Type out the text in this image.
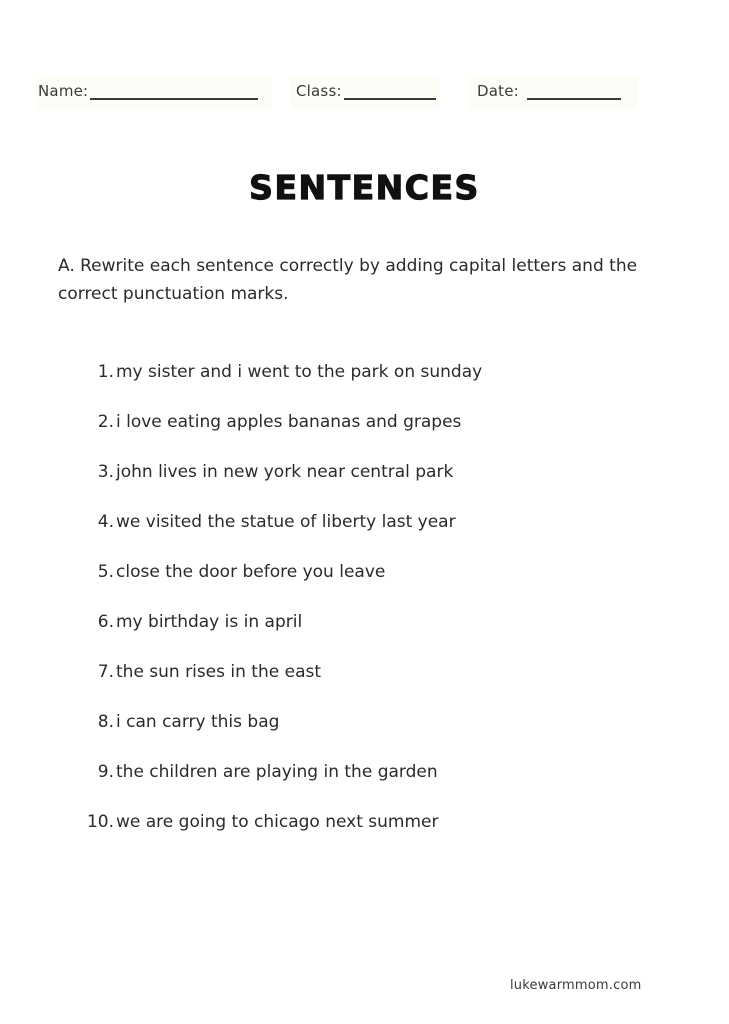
Name:	Class:	Date:
SENTENCES
A. Rewrite each sentence correctly by adding capital letters and the correct punctuation marks.
1. my sister and i went to the park on sunday
2. i love eating apples bananas and grapes
3. john lives in new york near central park
4. we visited the statue of liberty last year
5. close the door before you leave
6. my birthday is in april
7. the sun rises in the east
8. i can carry this bag
9. the children are playing in the garden
10. we are going to chicago next summer
lukewarmmom.com
